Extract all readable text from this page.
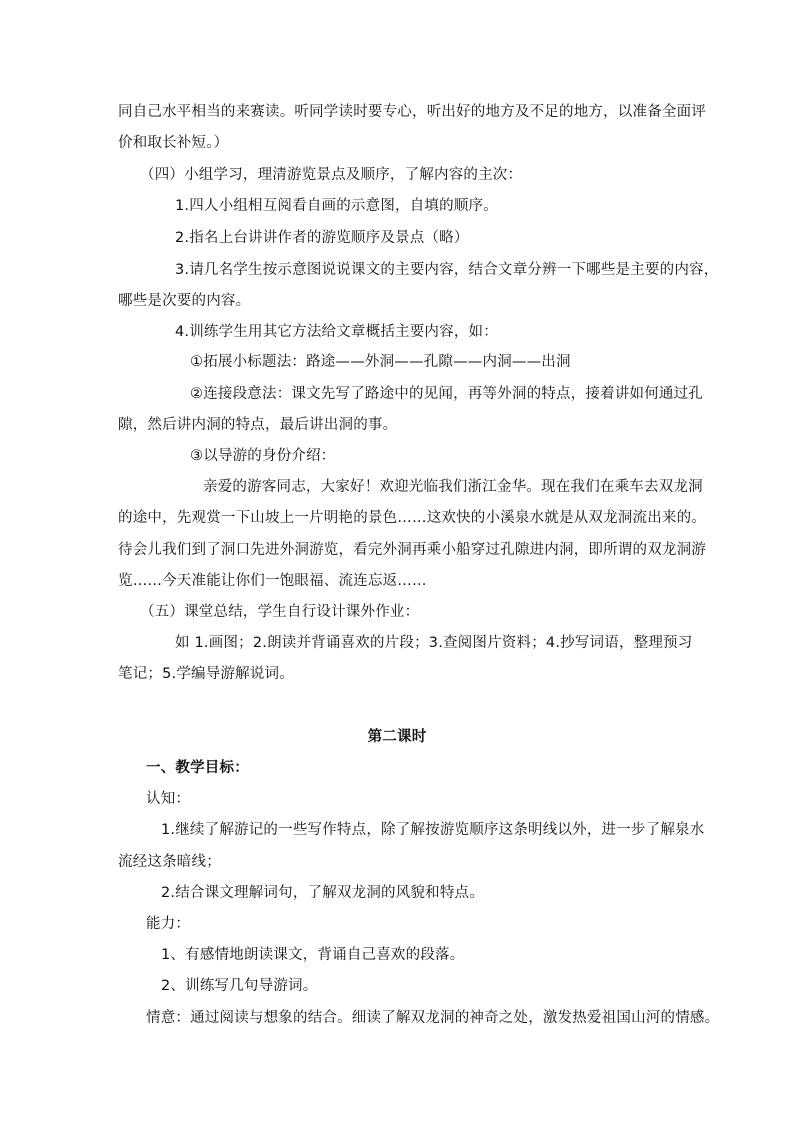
同自己水平相当的来赛读。听同学读时要专心，听出好的地方及不足的地方，以准备全面评
价和取长补短。）
（四）小组学习，理清游览景点及顺序，了解内容的主次：
1.四人小组相互阅看自画的示意图，自填的顺序。
2.指名上台讲讲作者的游览顺序及景点（略）
3.请几名学生按示意图说说课文的主要内容，结合文章分辨一下哪些是主要的内容，
哪些是次要的内容。
4.训练学生用其它方法给文章概括主要内容，如：
①拓展小标题法：路途——外洞——孔隙——内洞——出洞
②连接段意法：课文先写了路途中的见闻，再等外洞的特点，接着讲如何通过孔
隙，然后讲内洞的特点，最后讲出洞的事。
③以导游的身份介绍：
亲爱的游客同志，大家好！欢迎光临我们浙江金华。现在我们在乘车去双龙洞
的途中，先观赏一下山坡上一片明艳的景色……这欢快的小溪泉水就是从双龙洞流出来的。
待会儿我们到了洞口先进外洞游览，看完外洞再乘小船穿过孔隙进内洞，即所谓的双龙洞游
览……今天准能让你们一饱眼福、流连忘返……
（五）课堂总结，学生自行设计课外作业：
如 1.画图；2.朗读并背诵喜欢的片段；3.查阅图片资料；4.抄写词语，整理预习
笔记；5.学编导游解说词。
第二课时
一、教学目标：
认知：
1.继续了解游记的一些写作特点，除了解按游览顺序这条明线以外，进一步了解泉水
流经这条暗线；
2.结合课文理解词句，了解双龙洞的风貌和特点。
能力：
1、有感情地朗读课文，背诵自己喜欢的段落。
2、训练写几句导游词。
情意：通过阅读与想象的结合。细读了解双龙洞的神奇之处，激发热爱祖国山河的情感。
